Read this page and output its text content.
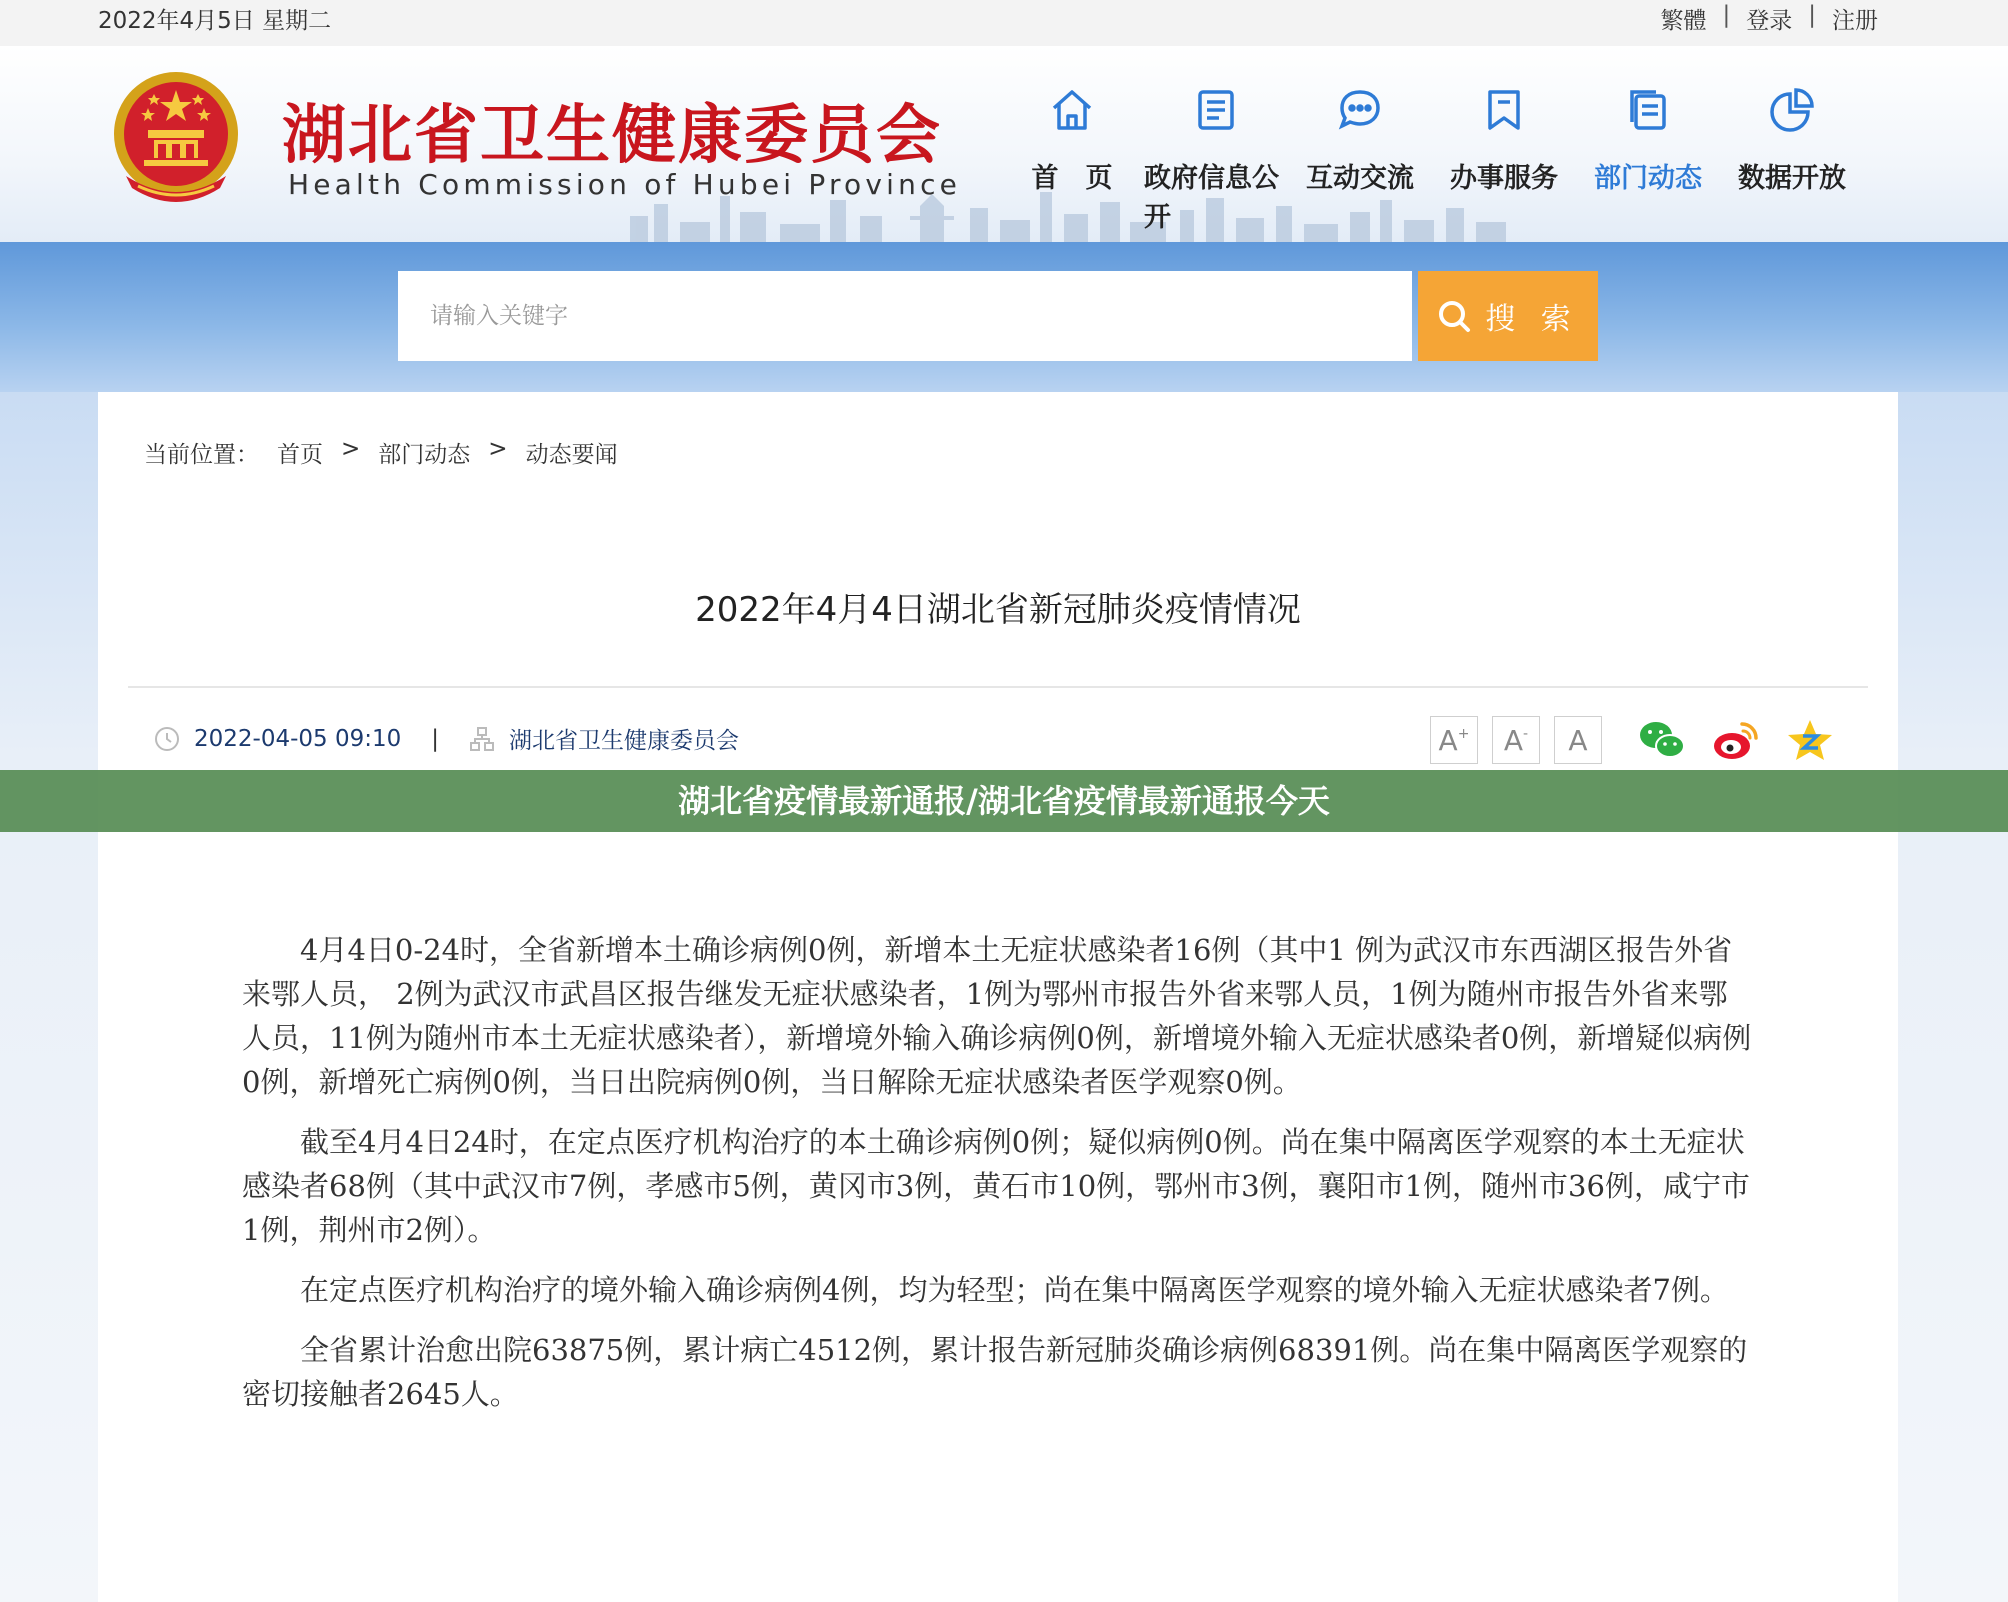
2022年4月5日 星期二	繁體 | 登录 | 注册
湖北省卫生健康委员会
Health Commission of Hubei Province	首　页 政府信息公开
互动交流 办事服务 部门动态 数据开放
请输入关键字	搜 索
当前位置： 首页 > 部门动态 > 动态要闻
2022年4月4日湖北省新冠肺炎疫情情况
2022-04-05 09:10 |	湖北省卫生健康委员会	A+ A- A

4月4日0-24时，全省新增本土确诊病例0例，新增本土无症状感染者16例（其中1 例为武汉市东西湖区报告外省来鄂人员， 2例为武汉市武昌区报告继发无症状感染者，1例为鄂州市报告外省来鄂人员，1例为随州市报告外省来鄂人员，11例为随州市本土无症状感染者），新增境外输入确诊病例0例，新增境外输入无症状感染者0例，新增疑似病例0例，新增死亡病例0例，当日出院病例0例，当日解除无症状感染者医学观察0例。

截至4月4日24时，在定点医疗机构治疗的本土确诊病例0例；疑似病例0例。尚在集中隔离医学观察的本土无症状感染者68例（其中武汉市7例，孝感市5例，黄冈市3例，黄石市10例，鄂州市3例，襄阳市1例，随州市36例，咸宁市1例，荆州市2例）。

在定点医疗机构治疗的境外输入确诊病例4例，均为轻型；尚在集中隔离医学观察的境外输入无症状感染者7例。

全省累计治愈出院63875例，累计病亡4512例，累计报告新冠肺炎确诊病例68391例。尚在集中隔离医学观察的密切接触者2645人。

湖北省疫情最新通报/湖北省疫情最新通报今天
